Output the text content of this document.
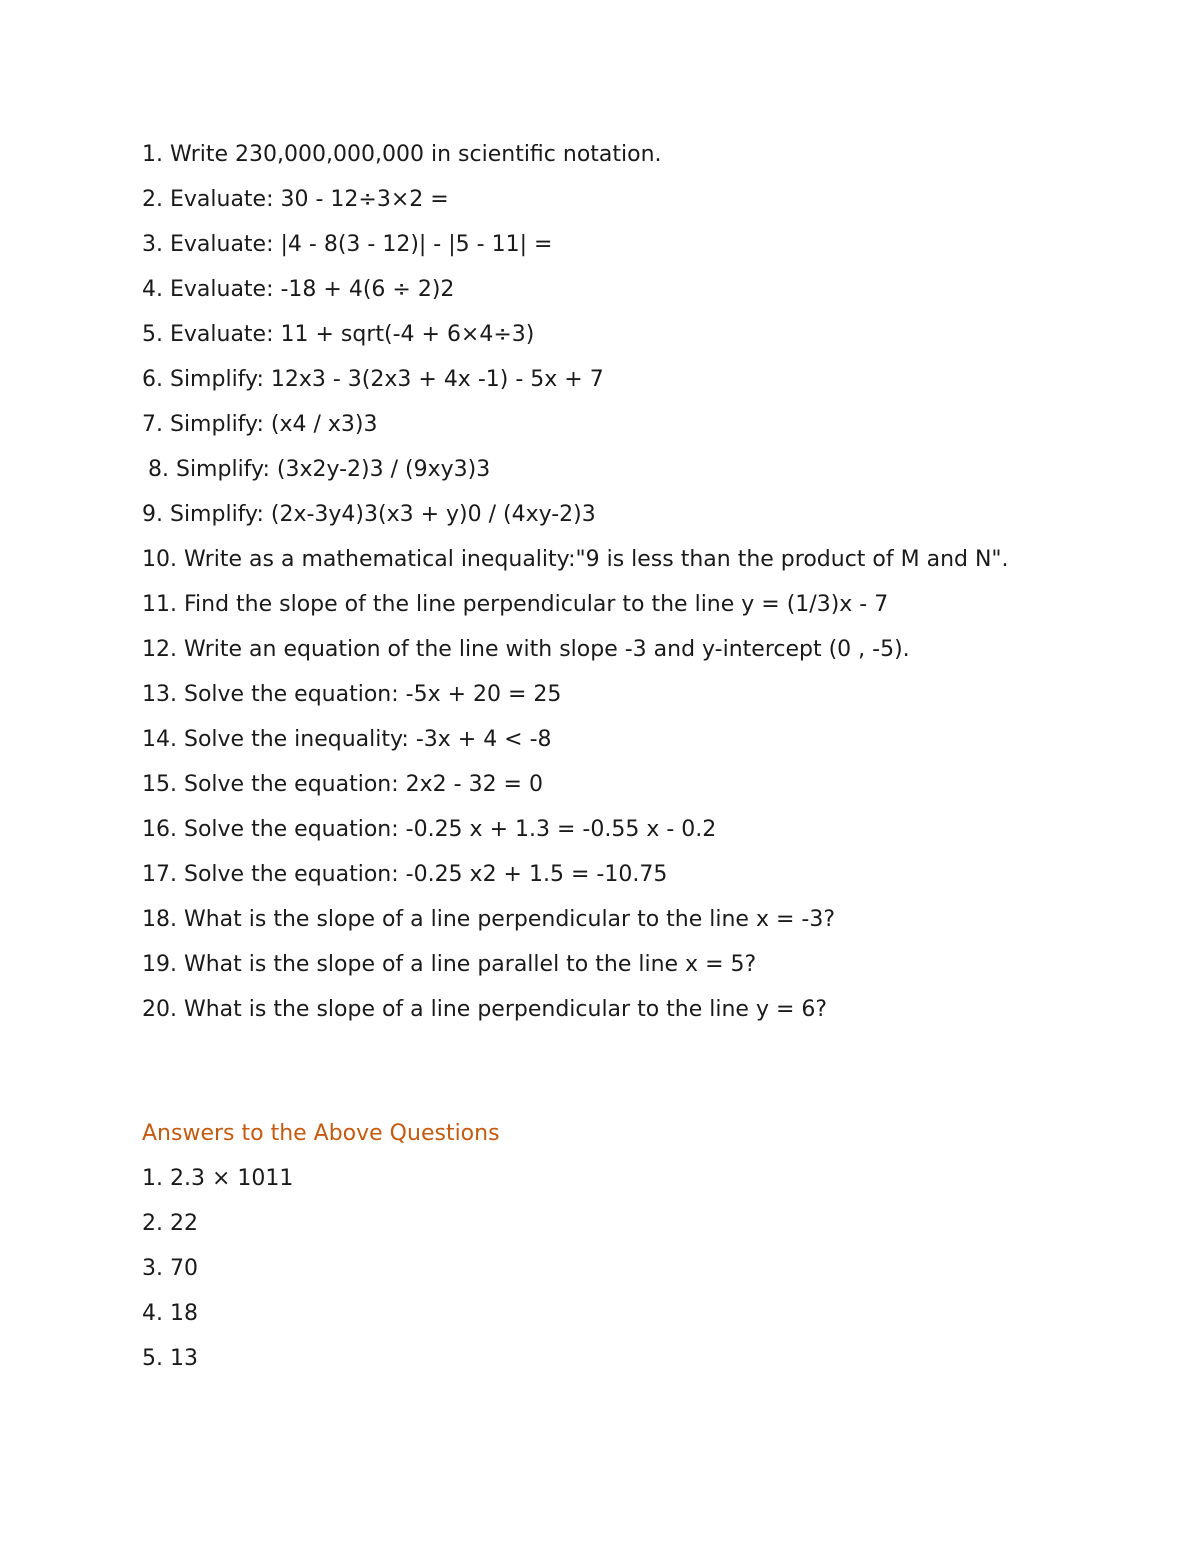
1. Write 230,000,000,000 in scientific notation.
2. Evaluate: 30 - 12÷3×2 =
3. Evaluate: |4 - 8(3 - 12)| - |5 - 11| =
4. Evaluate: -18 + 4(6 ÷ 2)2
5. Evaluate: 11 + sqrt(-4 + 6×4÷3)
6. Simplify: 12x3 - 3(2x3 + 4x -1) - 5x + 7
7. Simplify: (x4 / x3)3
8. Simplify: (3x2y-2)3 / (9xy3)3
9. Simplify: (2x-3y4)3(x3 + y)0 / (4xy-2)3
10. Write as a mathematical inequality:"9 is less than the product of M and N".
11. Find the slope of the line perpendicular to the line y = (1/3)x - 7
12. Write an equation of the line with slope -3 and y-intercept (0 , -5).
13. Solve the equation: -5x + 20 = 25
14. Solve the inequality: -3x + 4 < -8
15. Solve the equation: 2x2 - 32 = 0
16. Solve the equation: -0.25 x + 1.3 = -0.55 x - 0.2
17. Solve the equation: -0.25 x2 + 1.5 = -10.75
18. What is the slope of a line perpendicular to the line x = -3?
19. What is the slope of a line parallel to the line x = 5?
20. What is the slope of a line perpendicular to the line y = 6?
Answers to the Above Questions
1. 2.3 × 1011
2. 22
3. 70
4. 18
5. 13
